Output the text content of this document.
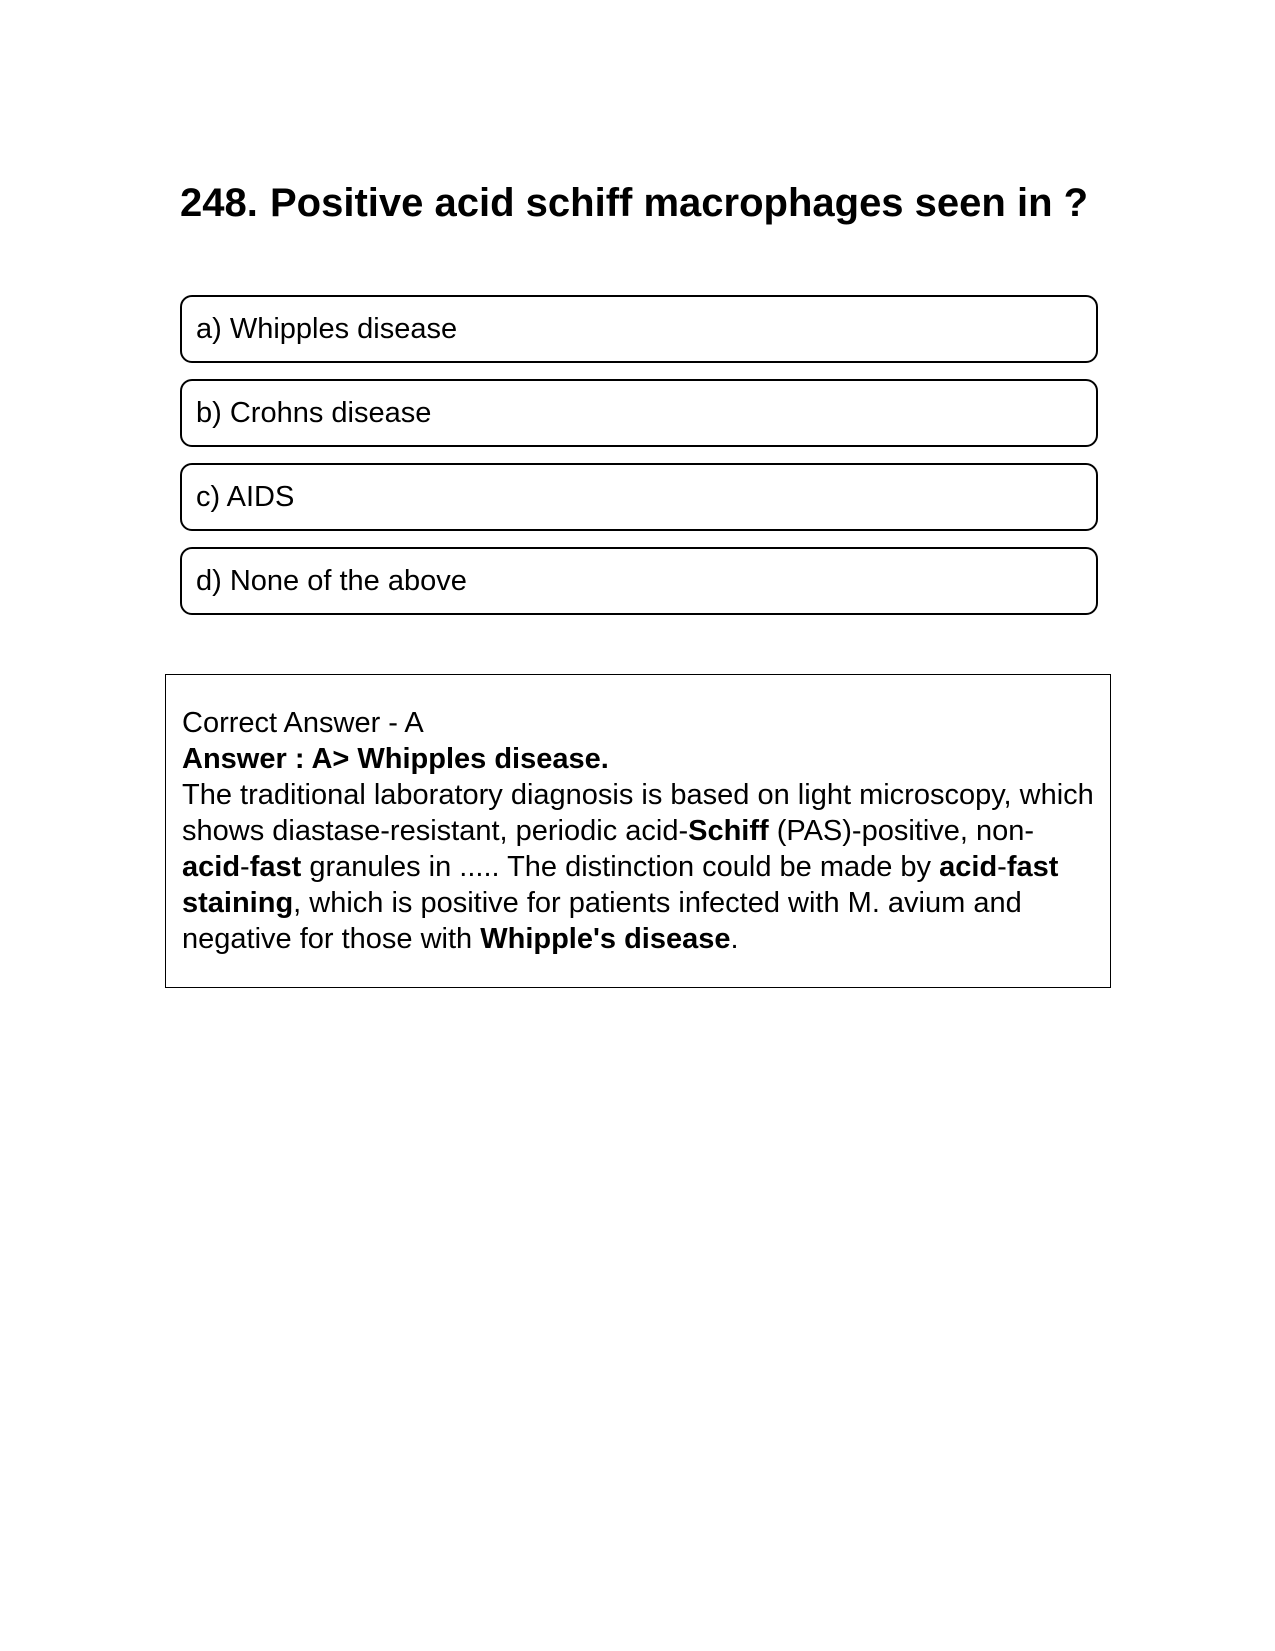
248. Positive acid schiff macrophages seen in ?
a) Whipples disease
b) Crohns disease
c) AIDS
d) None of the above

Correct Answer - A

Answer : A> Whipples disease.

The traditional laboratory diagnosis is based on light microscopy, which shows diastase-resistant, periodic acid-Schiff (PAS)-positive, non-acid-fast granules in ..... The distinction could be made by acid-fast staining, which is positive for patients infected with M. avium and negative for those with Whipple's disease.
